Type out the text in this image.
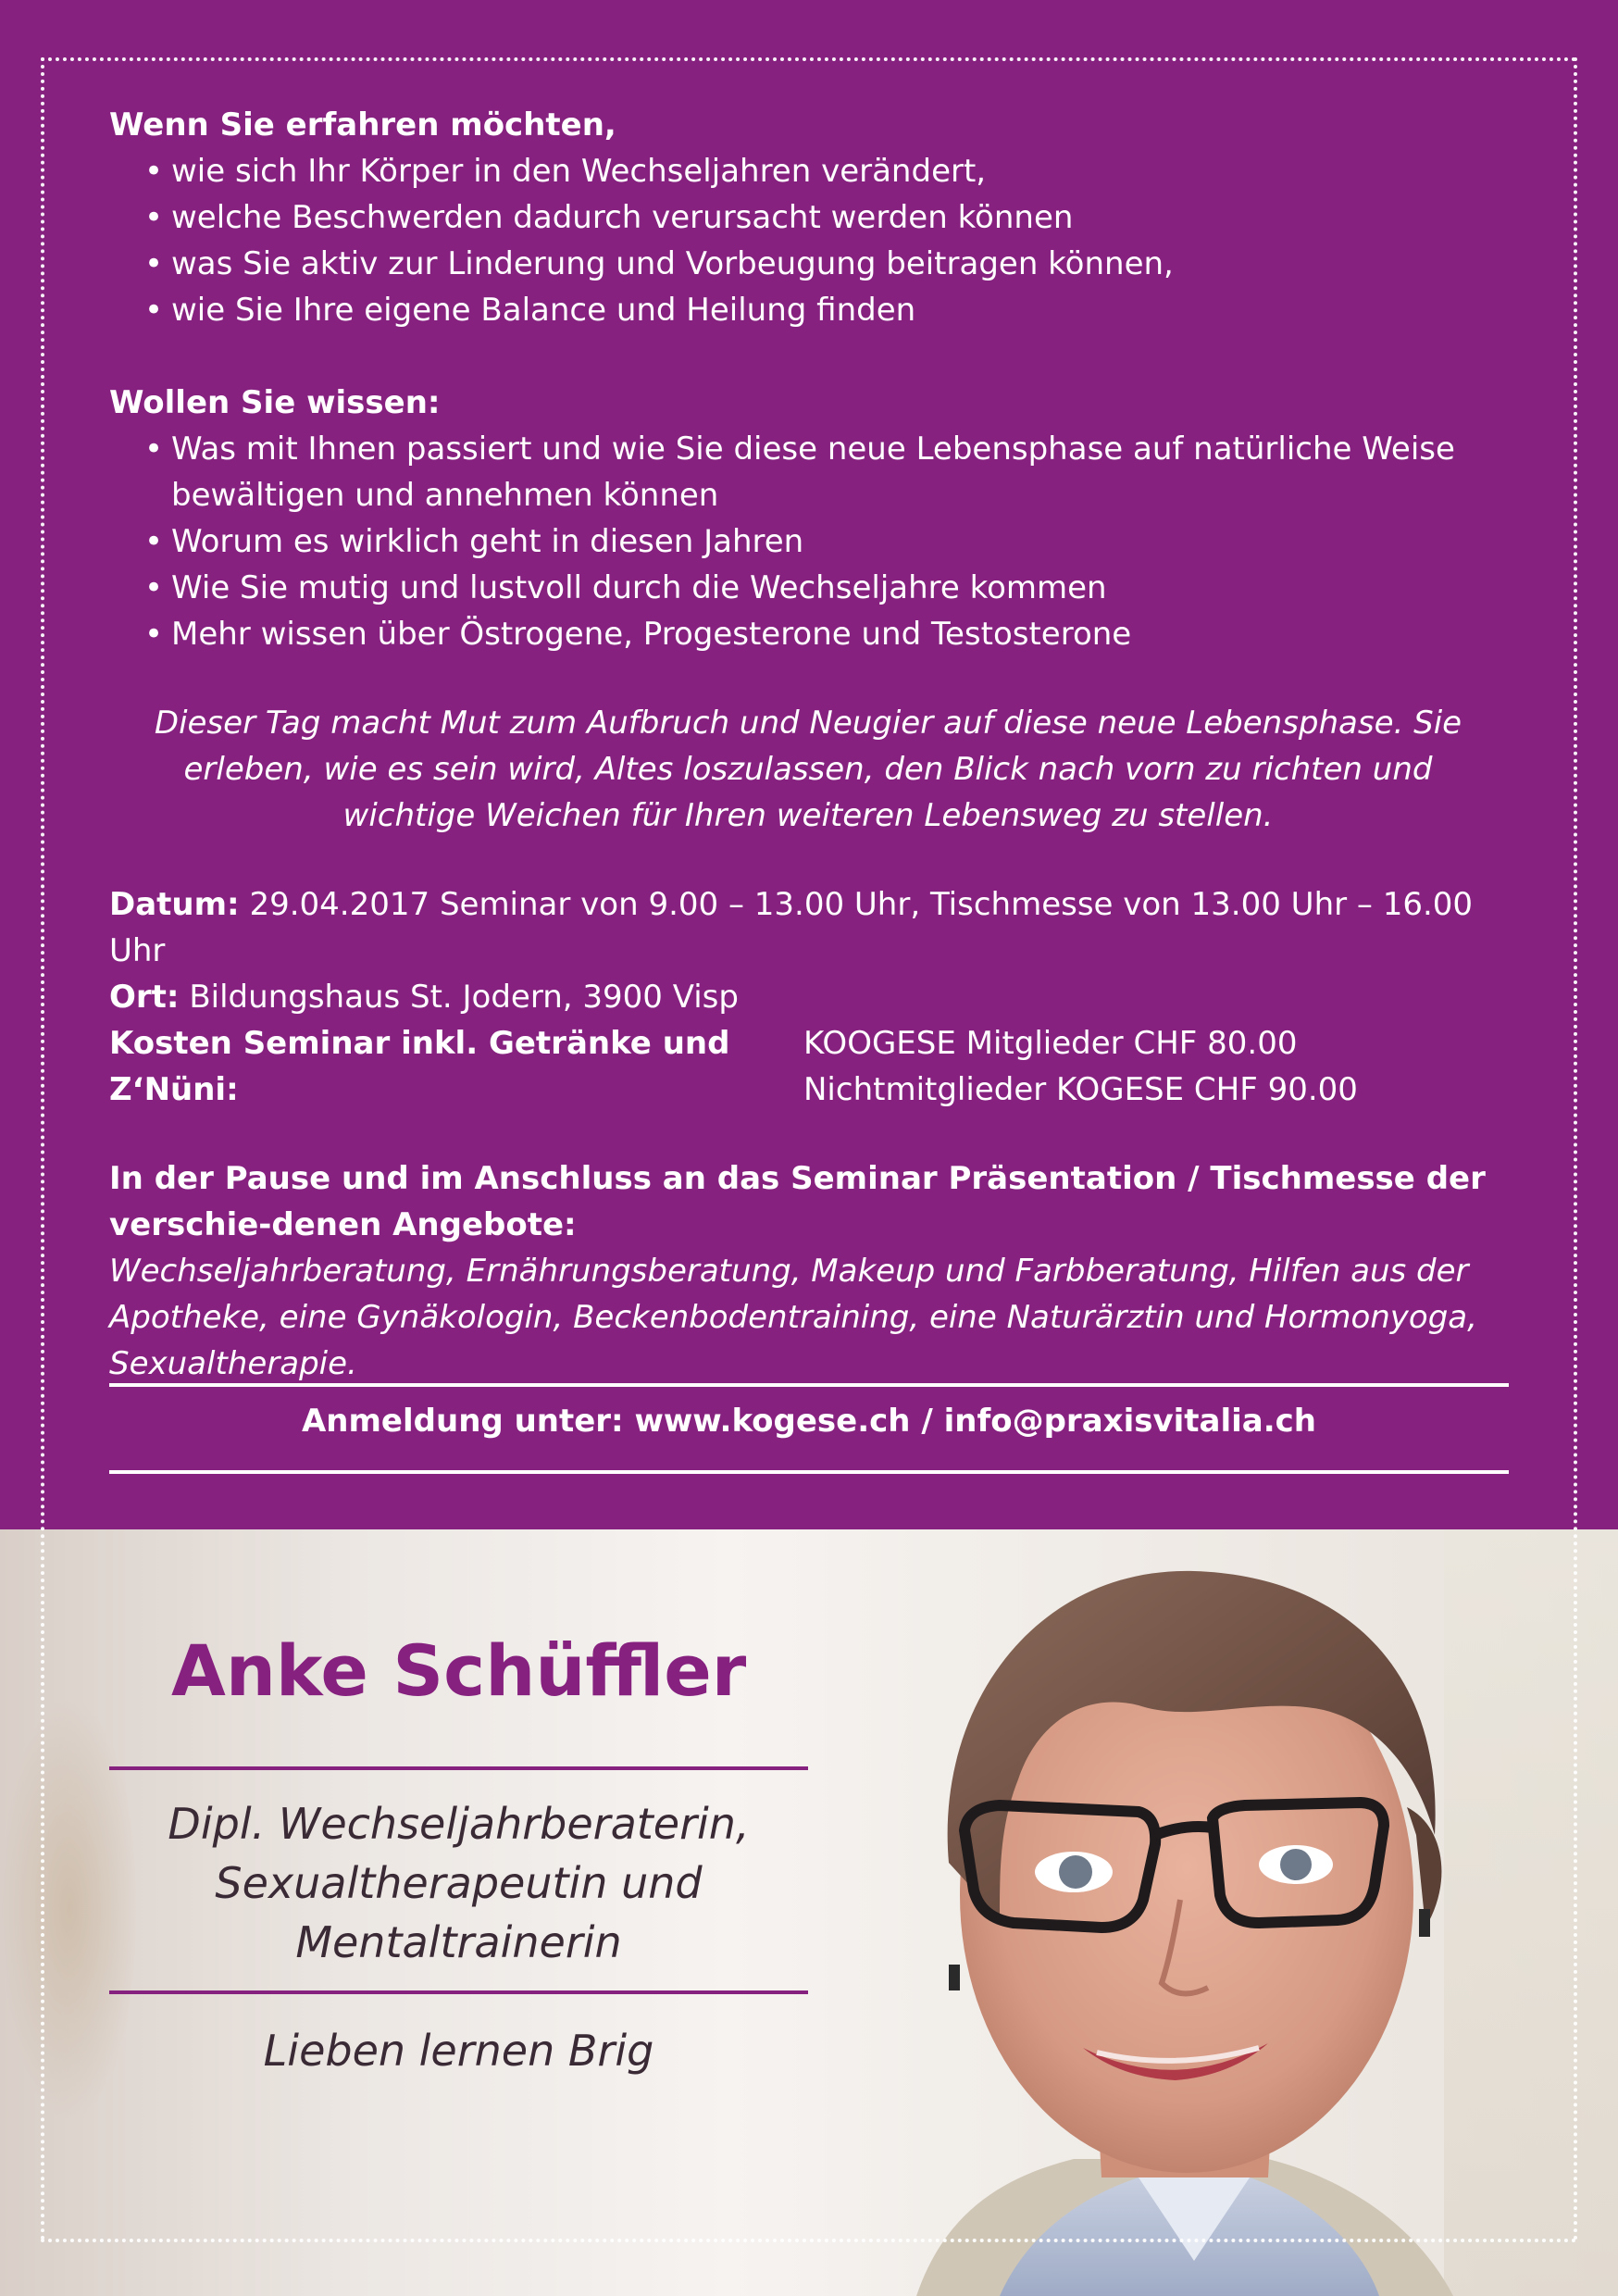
Wenn Sie erfahren möchten,

• wie sich Ihr Körper in den Wechseljahren verändert,
• welche Beschwerden dadurch verursacht werden können
• was Sie aktiv zur Linderung und Vorbeugung beitragen können,
• wie Sie Ihre eigene Balance und Heilung finden

Wollen Sie wissen:

• Was mit Ihnen passiert und wie Sie diese neue Lebensphase auf natürliche Weise bewältigen und annehmen können
• Worum es wirklich geht in diesen Jahren
• Wie Sie mutig und lustvoll durch die Wechseljahre kommen
• Mehr wissen über Östrogene, Progesterone und Testosterone

Dieser Tag macht Mut zum Aufbruch und Neugier auf diese neue Lebensphase. Sie erleben, wie es sein wird, Altes loszulassen, den Blick nach vorn zu richten und wichtige Weichen für Ihren weiteren Lebensweg zu stellen.

Datum: 29.04.2017 Seminar von 9.00 – 13.00 Uhr, Tischmesse von 13.00 Uhr – 16.00 Uhr

Ort: Bildungshaus St. Jodern, 3900 Visp

Kosten Seminar inkl. Getränke und Z‘Nüni:
KOOGESE Mitglieder CHF 80.00
Nichtmitglieder KOGESE CHF 90.00

In der Pause und im Anschluss an das Seminar Präsentation / Tischmesse der verschie-denen Angebote:

Wechseljahrberatung, Ernährungsberatung, Makeup und Farbberatung, Hilfen aus der Apotheke, eine Gynäkologin, Beckenbodentraining, eine Naturärztin und Hormonyoga, Sexualtherapie.

Anmeldung unter: www.kogese.ch / info@praxisvitalia.ch
Anke Schüffler
Dipl. Wechseljahrberaterin,
Sexualtherapeutin und
Mentaltrainerin
Lieben lernen Brig
